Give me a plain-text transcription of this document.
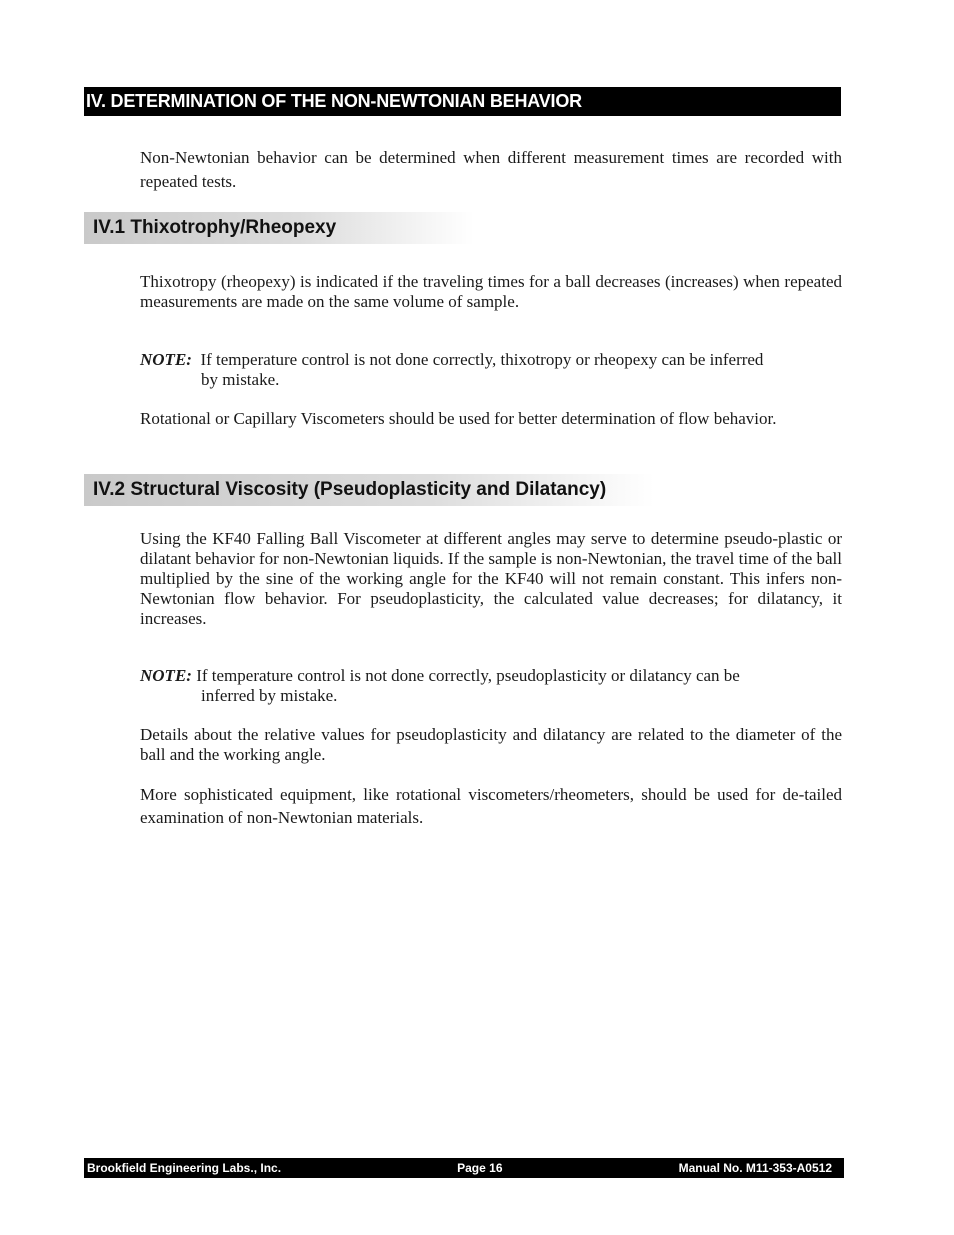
IV. DETERMINATION OF THE NON-NEWTONIAN BEHAVIOR

Non-Newtonian behavior can be determined when different measurement times are recorded with repeated tests.

IV.1 Thixotrophy/Rheopexy

Thixotropy (rheopexy) is indicated if the traveling times for a ball decreases (increases) when repeated measurements are made on the same volume of sample.

NOTE: If temperature control is not done correctly, thixotropy or rheopexy can be inferred
by mistake.

Rotational or Capillary Viscometers should be used for better determination of flow behavior.

IV.2 Structural Viscosity (Pseudoplasticity and Dilatancy)

Using the KF40 Falling Ball Viscometer at different angles may serve to determine pseudo-plastic or dilatant behavior for non-Newtonian liquids. If the sample is non-Newtonian, the travel time of the ball multiplied by the sine of the working angle for the KF40 will not remain constant. This infers non-Newtonian flow behavior. For pseudoplasticity, the calculated value decreases; for dilatancy, it increases.

NOTE: If temperature control is not done correctly, pseudoplasticity or dilatancy can be
inferred by mistake.

Details about the relative values for pseudoplasticity and dilatancy are related to the diameter of the ball and the working angle.

More sophisticated equipment, like rotational viscometers/rheometers, should be used for de-tailed examination of non-Newtonian materials.

Brookfield Engineering Labs., Inc.	Page 16	Manual No. M11-353-A0512
